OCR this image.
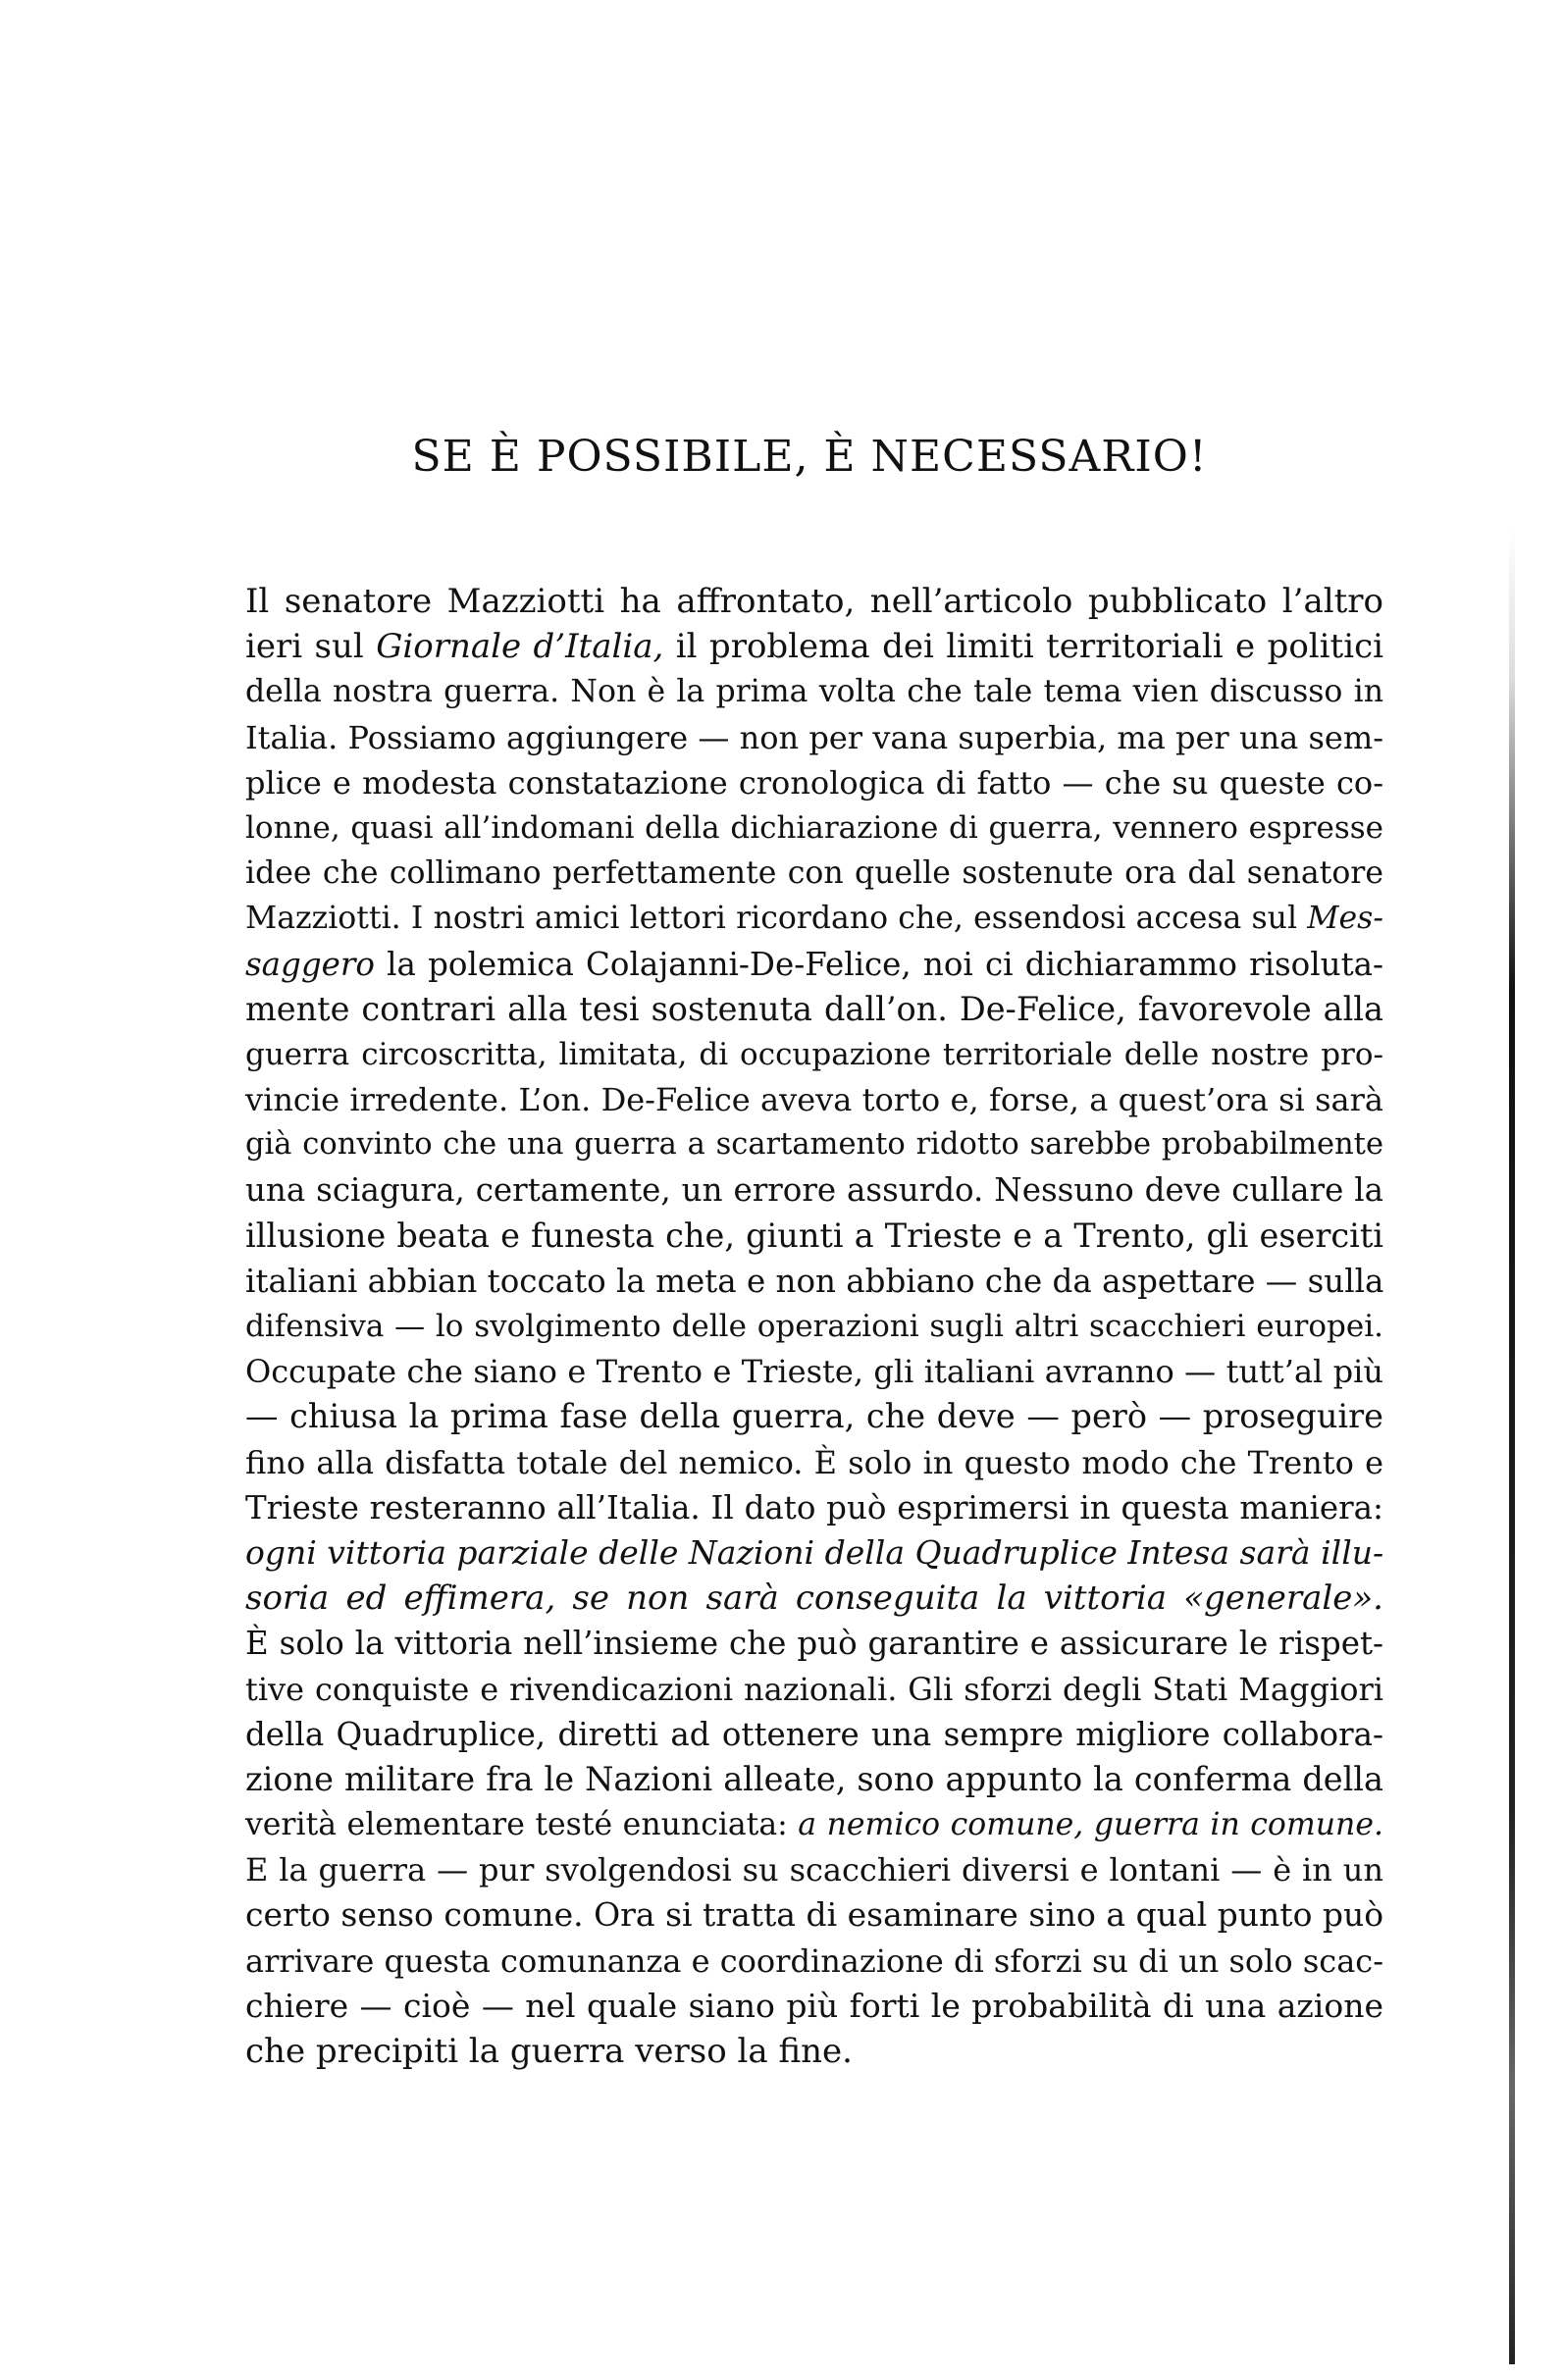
SE È POSSIBILE, È NECESSARIO!
Il senatore Mazziotti ha affrontato, nell’articolo pubblicato l’altro
ieri sul Giornale d’Italia, il problema dei limiti territoriali e politici
della nostra guerra. Non è la prima volta che tale tema vien discusso in
Italia. Possiamo aggiungere — non per vana superbia, ma per una sem-
plice e modesta constatazione cronologica di fatto — che su queste co-
lonne, quasi all’indomani della dichiarazione di guerra, vennero espresse
idee che collimano perfettamente con quelle sostenute ora dal senatore
Mazziotti. I nostri amici lettori ricordano che, essendosi accesa sul Mes-
saggero la polemica Colajanni-De-Felice, noi ci dichiarammo risoluta-
mente contrari alla tesi sostenuta dall’on. De-Felice, favorevole alla
guerra circoscritta, limitata, di occupazione territoriale delle nostre pro-
vincie irredente. L’on. De-Felice aveva torto e, forse, a quest’ora si sarà
già convinto che una guerra a scartamento ridotto sarebbe probabilmente
una sciagura, certamente, un errore assurdo. Nessuno deve cullare la
illusione beata e funesta che, giunti a Trieste e a Trento, gli eserciti
italiani abbian toccato la meta e non abbiano che da aspettare — sulla
difensiva — lo svolgimento delle operazioni sugli altri scacchieri europei.
Occupate che siano e Trento e Trieste, gli italiani avranno — tutt’al più
— chiusa la prima fase della guerra, che deve — però — proseguire
fino alla disfatta totale del nemico. È solo in questo modo che Trento e
Trieste resteranno all’Italia. Il dato può esprimersi in questa maniera:
ogni vittoria parziale delle Nazioni della Quadruplice Intesa sarà illu-
soria ed effimera, se non sarà conseguita la vittoria «generale».
È solo la vittoria nell’insieme che può garantire e assicurare le rispet-
tive conquiste e rivendicazioni nazionali. Gli sforzi degli Stati Maggiori
della Quadruplice, diretti ad ottenere una sempre migliore collabora-
zione militare fra le Nazioni alleate, sono appunto la conferma della
verità elementare testé enunciata: a nemico comune, guerra in comune.
E la guerra — pur svolgendosi su scacchieri diversi e lontani — è in un
certo senso comune. Ora si tratta di esaminare sino a qual punto può
arrivare questa comunanza e coordinazione di sforzi su di un solo scac-
chiere — cioè — nel quale siano più forti le probabilità di una azione
che precipiti la guerra verso la fine.
